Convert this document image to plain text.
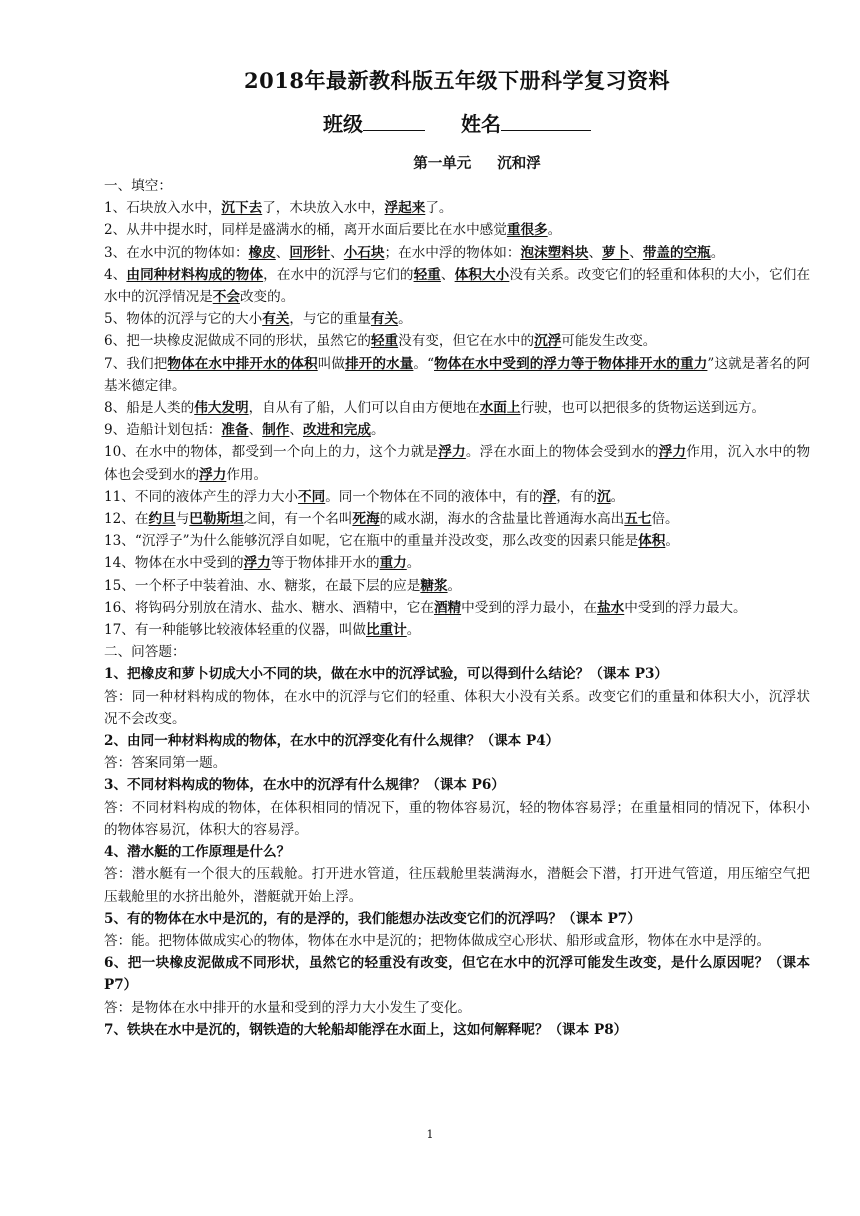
2018年最新教科版五年级下册科学复习资料
班级	姓名
第一单元 沉和浮

一、填空：

1、石块放入水中，沉下去了，木块放入水中，浮起来了。

2、从井中提水时，同样是盛满水的桶，离开水面后要比在水中感觉重很多。

3、在水中沉的物体如：橡皮、回形针、小石块；在水中浮的物体如：泡沫塑料块、萝卜、带盖的空瓶。

4、由同种材料构成的物体，在水中的沉浮与它们的轻重、体积大小没有关系。改变它们的轻重和体积的大小，它们在水中的沉浮情况是不会改变的。

5、物体的沉浮与它的大小有关，与它的重量有关。

6、把一块橡皮泥做成不同的形状，虽然它的轻重没有变，但它在水中的沉浮可能发生改变。

7、我们把物体在水中排开水的体积叫做排开的水量。“物体在水中受到的浮力等于物体排开水的重力”这就是著名的阿基米德定律。

8、船是人类的伟大发明，自从有了船，人们可以自由方便地在水面上行驶，也可以把很多的货物运送到远方。

9、造船计划包括：准备、制作、改进和完成。

10、在水中的物体，都受到一个向上的力，这个力就是浮力。浮在水面上的物体会受到水的浮力作用，沉入水中的物体也会受到水的浮力作用。

11、不同的液体产生的浮力大小不同。同一个物体在不同的液体中，有的浮，有的沉。

12、在约旦与巴勒斯坦之间，有一个名叫死海的咸水湖，海水的含盐量比普通海水高出五七倍。

13、“沉浮子”为什么能够沉浮自如呢，它在瓶中的重量并没改变，那么改变的因素只能是体积。

14、物体在水中受到的浮力等于物体排开水的重力。

15、一个杯子中装着油、水、糖浆，在最下层的应是糖浆。

16、将钩码分别放在清水、盐水、糖水、酒精中，它在酒精中受到的浮力最小，在盐水中受到的浮力最大。

17、有一种能够比较液体轻重的仪器，叫做比重计。

二、问答题：

1、把橡皮和萝卜切成大小不同的块，做在水中的沉浮试验，可以得到什么结论？（课本 P3）

答：同一种材料构成的物体，在水中的沉浮与它们的轻重、体积大小没有关系。改变它们的重量和体积大小，沉浮状况不会改变。

2、由同一种材料构成的物体，在水中的沉浮变化有什么规律？（课本 P4）

答：答案同第一题。

3、不同材料构成的物体，在水中的沉浮有什么规律？（课本 P6）

答：不同材料构成的物体，在体积相同的情况下，重的物体容易沉，轻的物体容易浮；在重量相同的情况下，体积小的物体容易沉，体积大的容易浮。

4、潜水艇的工作原理是什么？

答：潜水艇有一个很大的压载舱。打开进水管道，往压载舱里装满海水，潜艇会下潜，打开进气管道，用压缩空气把压载舱里的水挤出舱外，潜艇就开始上浮。

5、有的物体在水中是沉的，有的是浮的，我们能想办法改变它们的沉浮吗？（课本 P7）

答：能。把物体做成实心的物体，物体在水中是沉的；把物体做成空心形状、船形或盒形，物体在水中是浮的。

6、把一块橡皮泥做成不同形状，虽然它的轻重没有改变，但它在水中的沉浮可能发生改变，是什么原因呢？（课本 P7）

答：是物体在水中排开的水量和受到的浮力大小发生了变化。

7、铁块在水中是沉的，钢铁造的大轮船却能浮在水面上，这如何解释呢？（课本 P8）

1
